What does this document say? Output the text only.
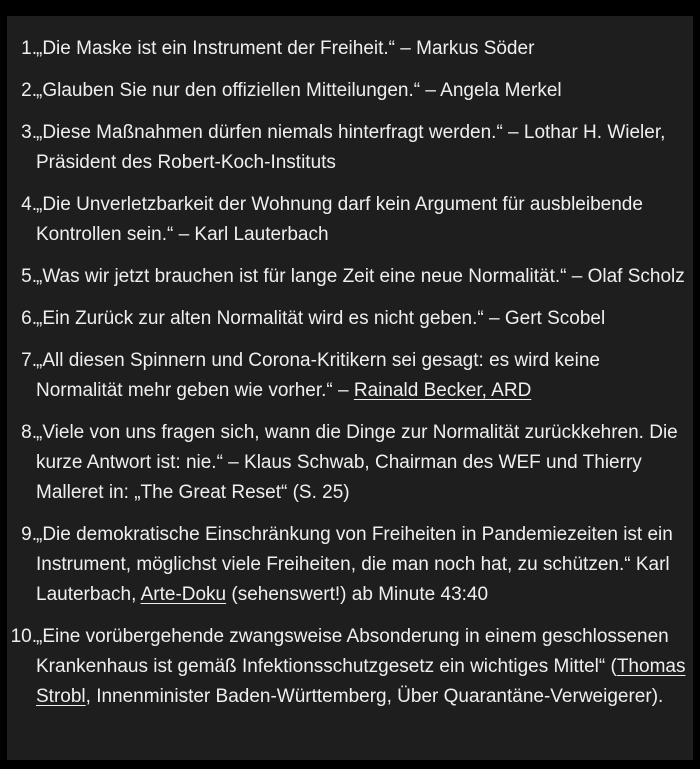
1. „Die Maske ist ein Instrument der Freiheit.“ – Markus Söder
2. „Glauben Sie nur den offiziellen Mitteilungen.“ – Angela Merkel
3. „Diese Maßnahmen dürfen niemals hinterfragt werden.“ – Lothar H. Wieler, Präsident des Robert-Koch-Instituts
4. „Die Unverletzbarkeit der Wohnung darf kein Argument für ausbleibende Kontrollen sein.“ – Karl Lauterbach
5. „Was wir jetzt brauchen ist für lange Zeit eine neue Normalität.“ – Olaf Scholz
6. „Ein Zurück zur alten Normalität wird es nicht geben.“ – Gert Scobel
7. „All diesen Spinnern und Corona-Kritikern sei gesagt: es wird keine Normalität mehr geben wie vorher.“ – Rainald Becker, ARD
8. „Viele von uns fragen sich, wann die Dinge zur Normalität zurückkehren. Die kurze Antwort ist: nie.“ – Klaus Schwab, Chairman des WEF und Thierry Malleret in: „The Great Reset“ (S. 25)
9. „Die demokratische Einschränkung von Freiheiten in Pandemiezeiten ist ein Instrument, möglichst viele Freiheiten, die man noch hat, zu schützen.“ Karl Lauterbach, Arte-Doku (sehenswert!) ab Minute 43:40
10. „Eine vorübergehende zwangsweise Absonderung in einem geschlossenen Krankenhaus ist gemäß Infektionsschutzgesetz ein wichtiges Mittel“ (Thomas Strobl, Innenminister Baden-Württemberg, Über Quarantäne-Verweigerer).
